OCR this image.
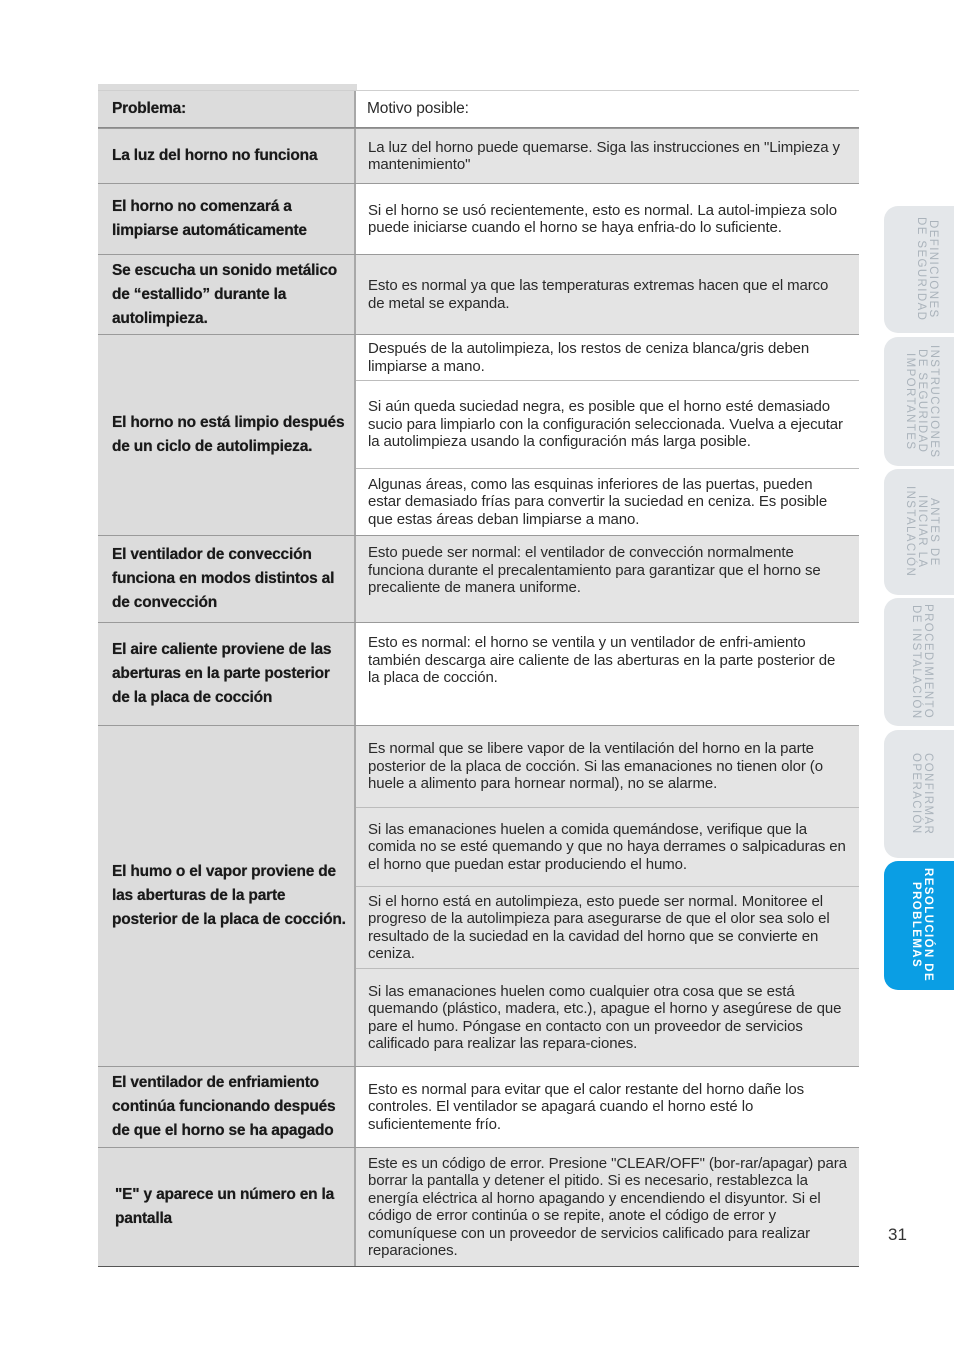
Problema:	Motivo posible:
La luz del horno no funciona	La luz del horno puede quemarse. Siga las instrucciones en "Limpieza y mantenimiento"
El horno no comenzará a limpiarse automáticamente
Si el horno se usó recientemente, esto es normal. La autol-impieza solo puede iniciarse cuando el horno se haya enfria-do lo suficiente.
Se escucha un sonido metálico de “estallido” durante la autolimpieza.
Esto es normal ya que las temperaturas extremas hacen que el marco de metal se expanda.
El horno no está limpio después de un ciclo de autolimpieza.
Después de la autolimpieza, los restos de ceniza blanca/gris deben limpiarse a mano.
Si aún queda suciedad negra, es posible que el horno esté demasiado sucio para limpiarlo con la configuración seleccionada. Vuelva a ejecutar la autolimpieza usando la configuración más larga posible.
Algunas áreas, como las esquinas inferiores de las puertas, pueden estar demasiado frías para convertir la suciedad en ceniza. Es posible que estas áreas deban limpiarse a mano.
El ventilador de convección funciona en modos distintos al de convección
Esto puede ser normal: el ventilador de convección normalmente funciona durante el precalentamiento para garantizar que el horno se precaliente de manera uniforme.
El aire caliente proviene de las aberturas en la parte posterior de la placa de cocción
Esto es normal: el horno se ventila y un ventilador de enfri-amiento también descarga aire caliente de las aberturas en la parte posterior de la placa de cocción.
El humo o el vapor proviene de las aberturas de la parte posterior de la placa de cocción.
Es normal que se libere vapor de la ventilación del horno en la parte posterior de la placa de cocción. Si las emanaciones no tienen olor (o huele a alimento para hornear normal), no se alarme.
Si las emanaciones huelen a comida quemándose, verifique que la comida no se esté quemando y que no haya derrames o salpicaduras en el horno que puedan estar produciendo el humo.
Si el horno está en autolimpieza, esto puede ser normal. Monitoree el progreso de la autolimpieza para asegurarse de que el olor sea solo el resultado de la suciedad en la cavidad del horno que se convierte en ceniza.
Si las emanaciones huelen como cualquier otra cosa que se está quemando (plástico, madera, etc.), apague el horno y asegúrese de que pare el humo. Póngase en contacto con un proveedor de servicios calificado para realizar las repara-ciones.
El ventilador de enfriamiento continúa funcionando después de que el horno se ha apagado
Esto es normal para evitar que el calor restante del horno dañe los controles. El ventilador se apagará cuando el horno esté lo suficientemente frío.
"E" y aparece un número en la pantalla
Este es un código de error. Presione "CLEAR/OFF" (bor-rar/apagar) para borrar la pantalla y detener el pitido. Si es necesario, restablezca la energía eléctrica al horno apagando y encendiendo el disyuntor. Si el código de error continúa o se repite, anote el código de error y comuníquese con un proveedor de servicios calificado para realizar reparaciones.
DEFINICIONES DE SEGURIDAD
INSTRUCCIONES DE SEGURIDAD IMPORTANTES
ANTES DE INICIAR LA INSTALACIÓN
PROCEDIMIENTO DE INSTALACIÓN
CONFIRMAR OPERACIÓN
RESOLUCIÓN DE PROBLEMAS
31
